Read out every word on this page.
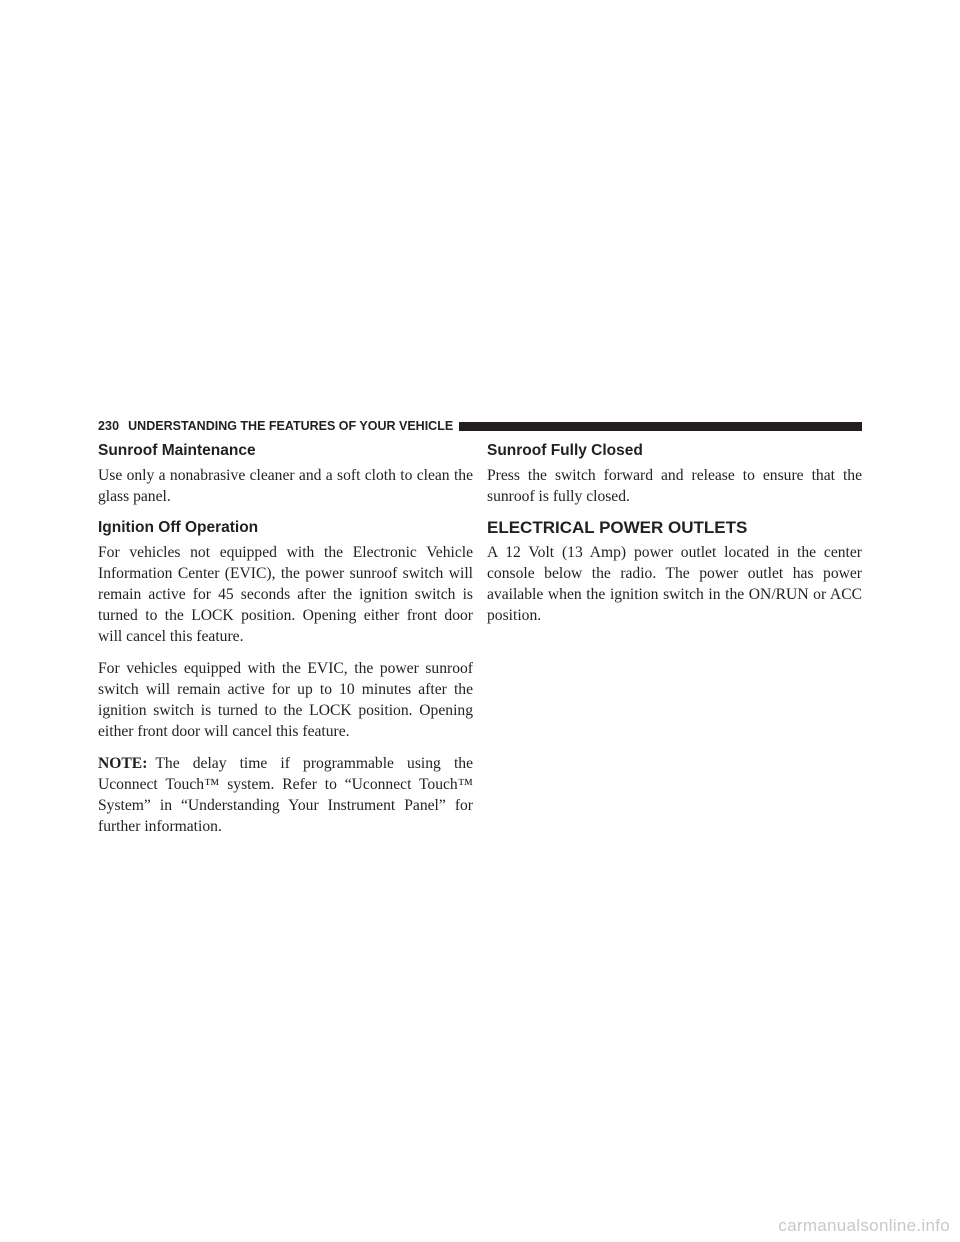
230 UNDERSTANDING THE FEATURES OF YOUR VEHICLE
Sunroof Maintenance

Use only a nonabrasive cleaner and a soft cloth to clean the glass panel.

Ignition Off Operation

For vehicles not equipped with the Electronic Vehicle Information Center (EVIC), the power sunroof switch will remain active for 45 seconds after the ignition switch is turned to the LOCK position. Opening either front door will cancel this feature.

For vehicles equipped with the EVIC, the power sunroof switch will remain active for up to 10 minutes after the ignition switch is turned to the LOCK position. Opening either front door will cancel this feature.

NOTE: The delay time if programmable using the Uconnect Touch™ system. Refer to “Uconnect Touch™ System” in “Understanding Your Instrument Panel” for further information.

Sunroof Fully Closed

Press the switch forward and release to ensure that the sunroof is fully closed.

ELECTRICAL POWER OUTLETS

A 12 Volt (13 Amp) power outlet located in the center console below the radio. The power outlet has power available when the ignition switch in the ON/RUN or ACC position.

carmanualsonline.info
